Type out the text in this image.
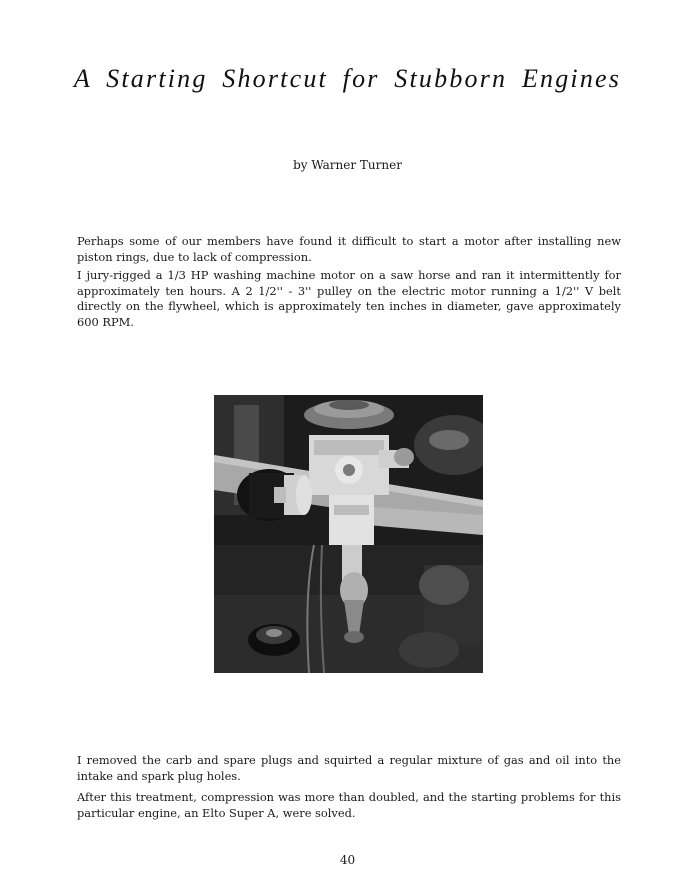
A Starting Shortcut for Stubborn Engines
by Warner Turner

Perhaps some of our members have found it difficult to start a motor after installing new piston rings, due to lack of compression.

I jury-rigged a 1/3 HP washing machine motor on a saw horse and ran it intermittently for approximately ten hours. A 2 1/2'' - 3'' pulley on the electric motor running a 1/2'' V belt directly on the flywheel, which is approximately ten inches in diameter, gave approximately 600 RPM.

I removed the carb and spare plugs and squirted a regular mixture of gas and oil into the intake and spark plug holes.

After this treatment, compression was more than doubled, and the starting problems for this particular engine, an Elto Super A, were solved.

40
